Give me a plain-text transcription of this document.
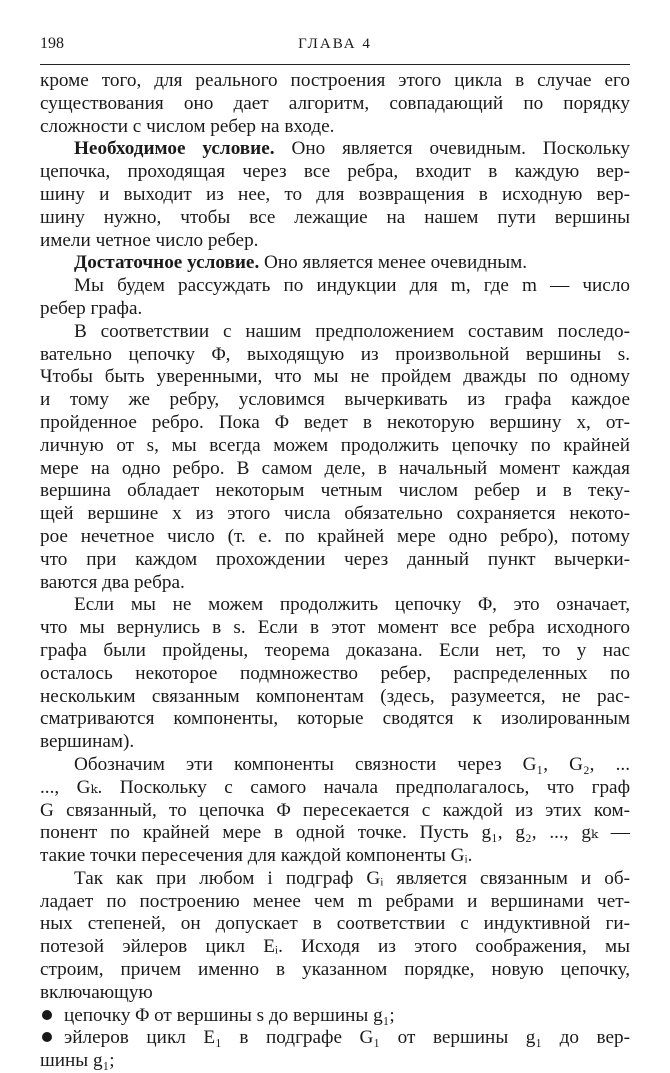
198	ГЛАВА 4
кроме того, для реального построения этого цикла в случае его
существования оно дает алгоритм, совпадающий по порядку
сложности с числом ребер на входе.
Необходимое условие. Оно является очевидным. Поскольку
цепочка, проходящая через все ребра, входит в каждую вер-
шину и выходит из нее, то для возвращения в исходную вер-
шину нужно, чтобы все лежащие на нашем пути вершины
имели четное число ребер.
Достаточное условие. Оно является менее очевидным.
Мы будем рассуждать по индукции для m, где m — число
ребер графа.
В соответствии с нашим предположением составим последо-
вательно цепочку Φ, выходящую из произвольной вершины s.
Чтобы быть уверенными, что мы не пройдем дважды по одному
и тому же ребру, условимся вычеркивать из графа каждое
пройденное ребро. Пока Φ ведет в некоторую вершину x, от-
личную от s, мы всегда можем продолжить цепочку по крайней
мере на одно ребро. В самом деле, в начальный момент каждая
вершина обладает некоторым четным числом ребер и в теку-
щей вершине x из этого числа обязательно сохраняется некото-
рое нечетное число (т. е. по крайней мере одно ребро), потому
что при каждом прохождении через данный пункт вычерки-
ваются два ребра.
Если мы не можем продолжить цепочку Φ, это означает,
что мы вернулись в s. Если в этот момент все ребра исходного
графа были пройдены, теорема доказана. Если нет, то у нас
осталось некоторое подмножество ребер, распределенных по
нескольким связанным компонентам (здесь, разумеется, не рас-
сматриваются компоненты, которые сводятся к изолированным
вершинам).
Обозначим эти компоненты связности через G₁, G₂, ...
..., Gₖ. Поскольку с самого начала предполагалось, что граф
G связанный, то цепочка Φ пересекается с каждой из этих ком-
понент по крайней мере в одной точке. Пусть g₁, g₂, ..., gₖ —
такие точки пересечения для каждой компоненты Gᵢ.
Так как при любом i подграф Gᵢ является связанным и об-
ладает по построению менее чем m ребрами и вершинами чет-
ных степеней, он допускает в соответствии с индуктивной ги-
потезой эйлеров цикл Eᵢ. Исходя из этого соображения, мы
строим, причем именно в указанном порядке, новую цепочку,
включающую
цепочку Φ от вершины s до вершины g₁;
эйлеров цикл E₁ в подграфе G₁ от вершины g₁ до вер-
шины g₁;
